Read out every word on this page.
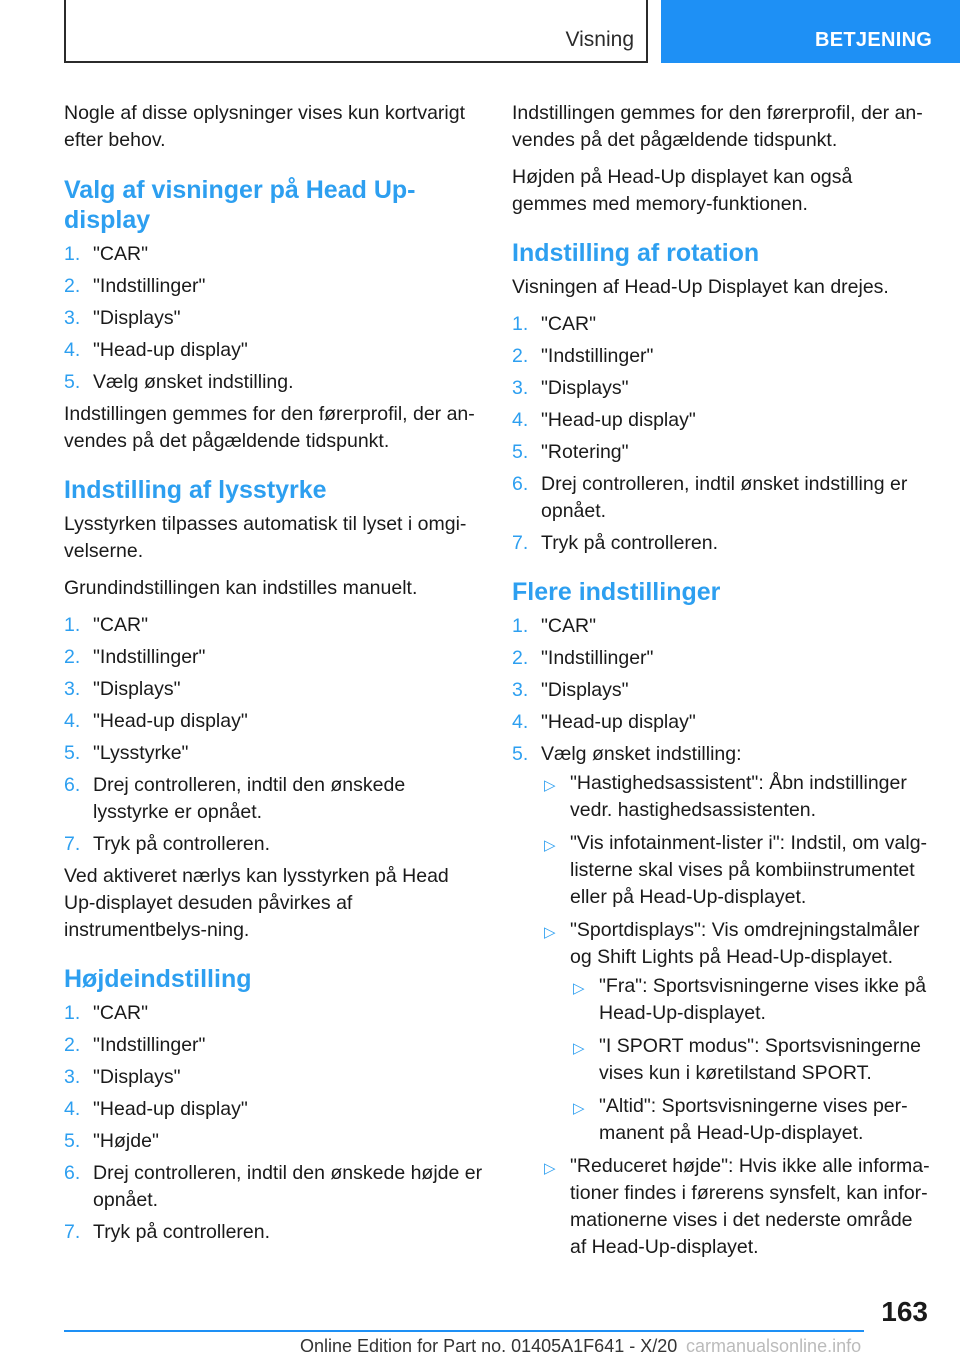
Visning	BETJENING

Nogle af disse oplysninger vises kun kortvarigt efter behov.

Valg af visninger på Head Up-display
1. "CAR"
2. "Indstillinger"
3. "Displays"
4. "Head-up display"
5. Vælg ønsket indstilling.

Indstillingen gemmes for den førerprofil, der an-vendes på det pågældende tidspunkt.

Indstilling af lysstyrke

Lysstyrken tilpasses automatisk til lyset i omgi-velserne.

Grundindstillingen kan indstilles manuelt.

1. "CAR"
2. "Indstillinger"
3. "Displays"
4. "Head-up display"
5. "Lysstyrke"
6. Drej controlleren, indtil den ønskede lysstyrke er opnået.
7. Tryk på controlleren.

Ved aktiveret nærlys kan lysstyrken på Head Up-displayet desuden påvirkes af instrumentbelys-ning.

Højdeindstilling
1. "CAR"
2. "Indstillinger"
3. "Displays"
4. "Head-up display"
5. "Højde"
6. Drej controlleren, indtil den ønskede højde er opnået.
7. Tryk på controlleren.

Indstillingen gemmes for den førerprofil, der an-vendes på det pågældende tidspunkt.

Højden på Head-Up displayet kan også gemmes med memory-funktionen.

Indstilling af rotation

Visningen af Head-Up Displayet kan drejes.

1. "CAR"
2. "Indstillinger"
3. "Displays"
4. "Head-up display"
5. "Rotering"
6. Drej controlleren, indtil ønsket indstilling er opnået.
7. Tryk på controlleren.
Flere indstillinger
1. "CAR"
2. "Indstillinger"
3. "Displays"
4. "Head-up display"
5. Vælg ønsket indstilling:
▷ "Hastighedsassistent": Åbn indstillinger vedr. hastighedsassistenten.
▷ "Vis infotainment-lister i": Indstil, om valg-listerne skal vises på kombiinstrumentet eller på Head-Up-displayet.
▷ "Sportdisplays": Vis omdrejningstalmåler og Shift Lights på Head-Up-displayet.
▷ "Fra": Sportsvisningerne vises ikke på Head-Up-displayet.
▷ "I SPORT modus": Sportsvisningerne vises kun i køretilstand SPORT.
▷ "Altid": Sportsvisningerne vises per-manent på Head-Up-displayet.
▷ "Reduceret højde": Hvis ikke alle informa-tioner findes i førerens synsfelt, kan infor-mationerne vises i det nederste område af Head-Up-displayet.
163
Online Edition for Part no. 01405A1F641 - X/20 carmanualsonline.info
